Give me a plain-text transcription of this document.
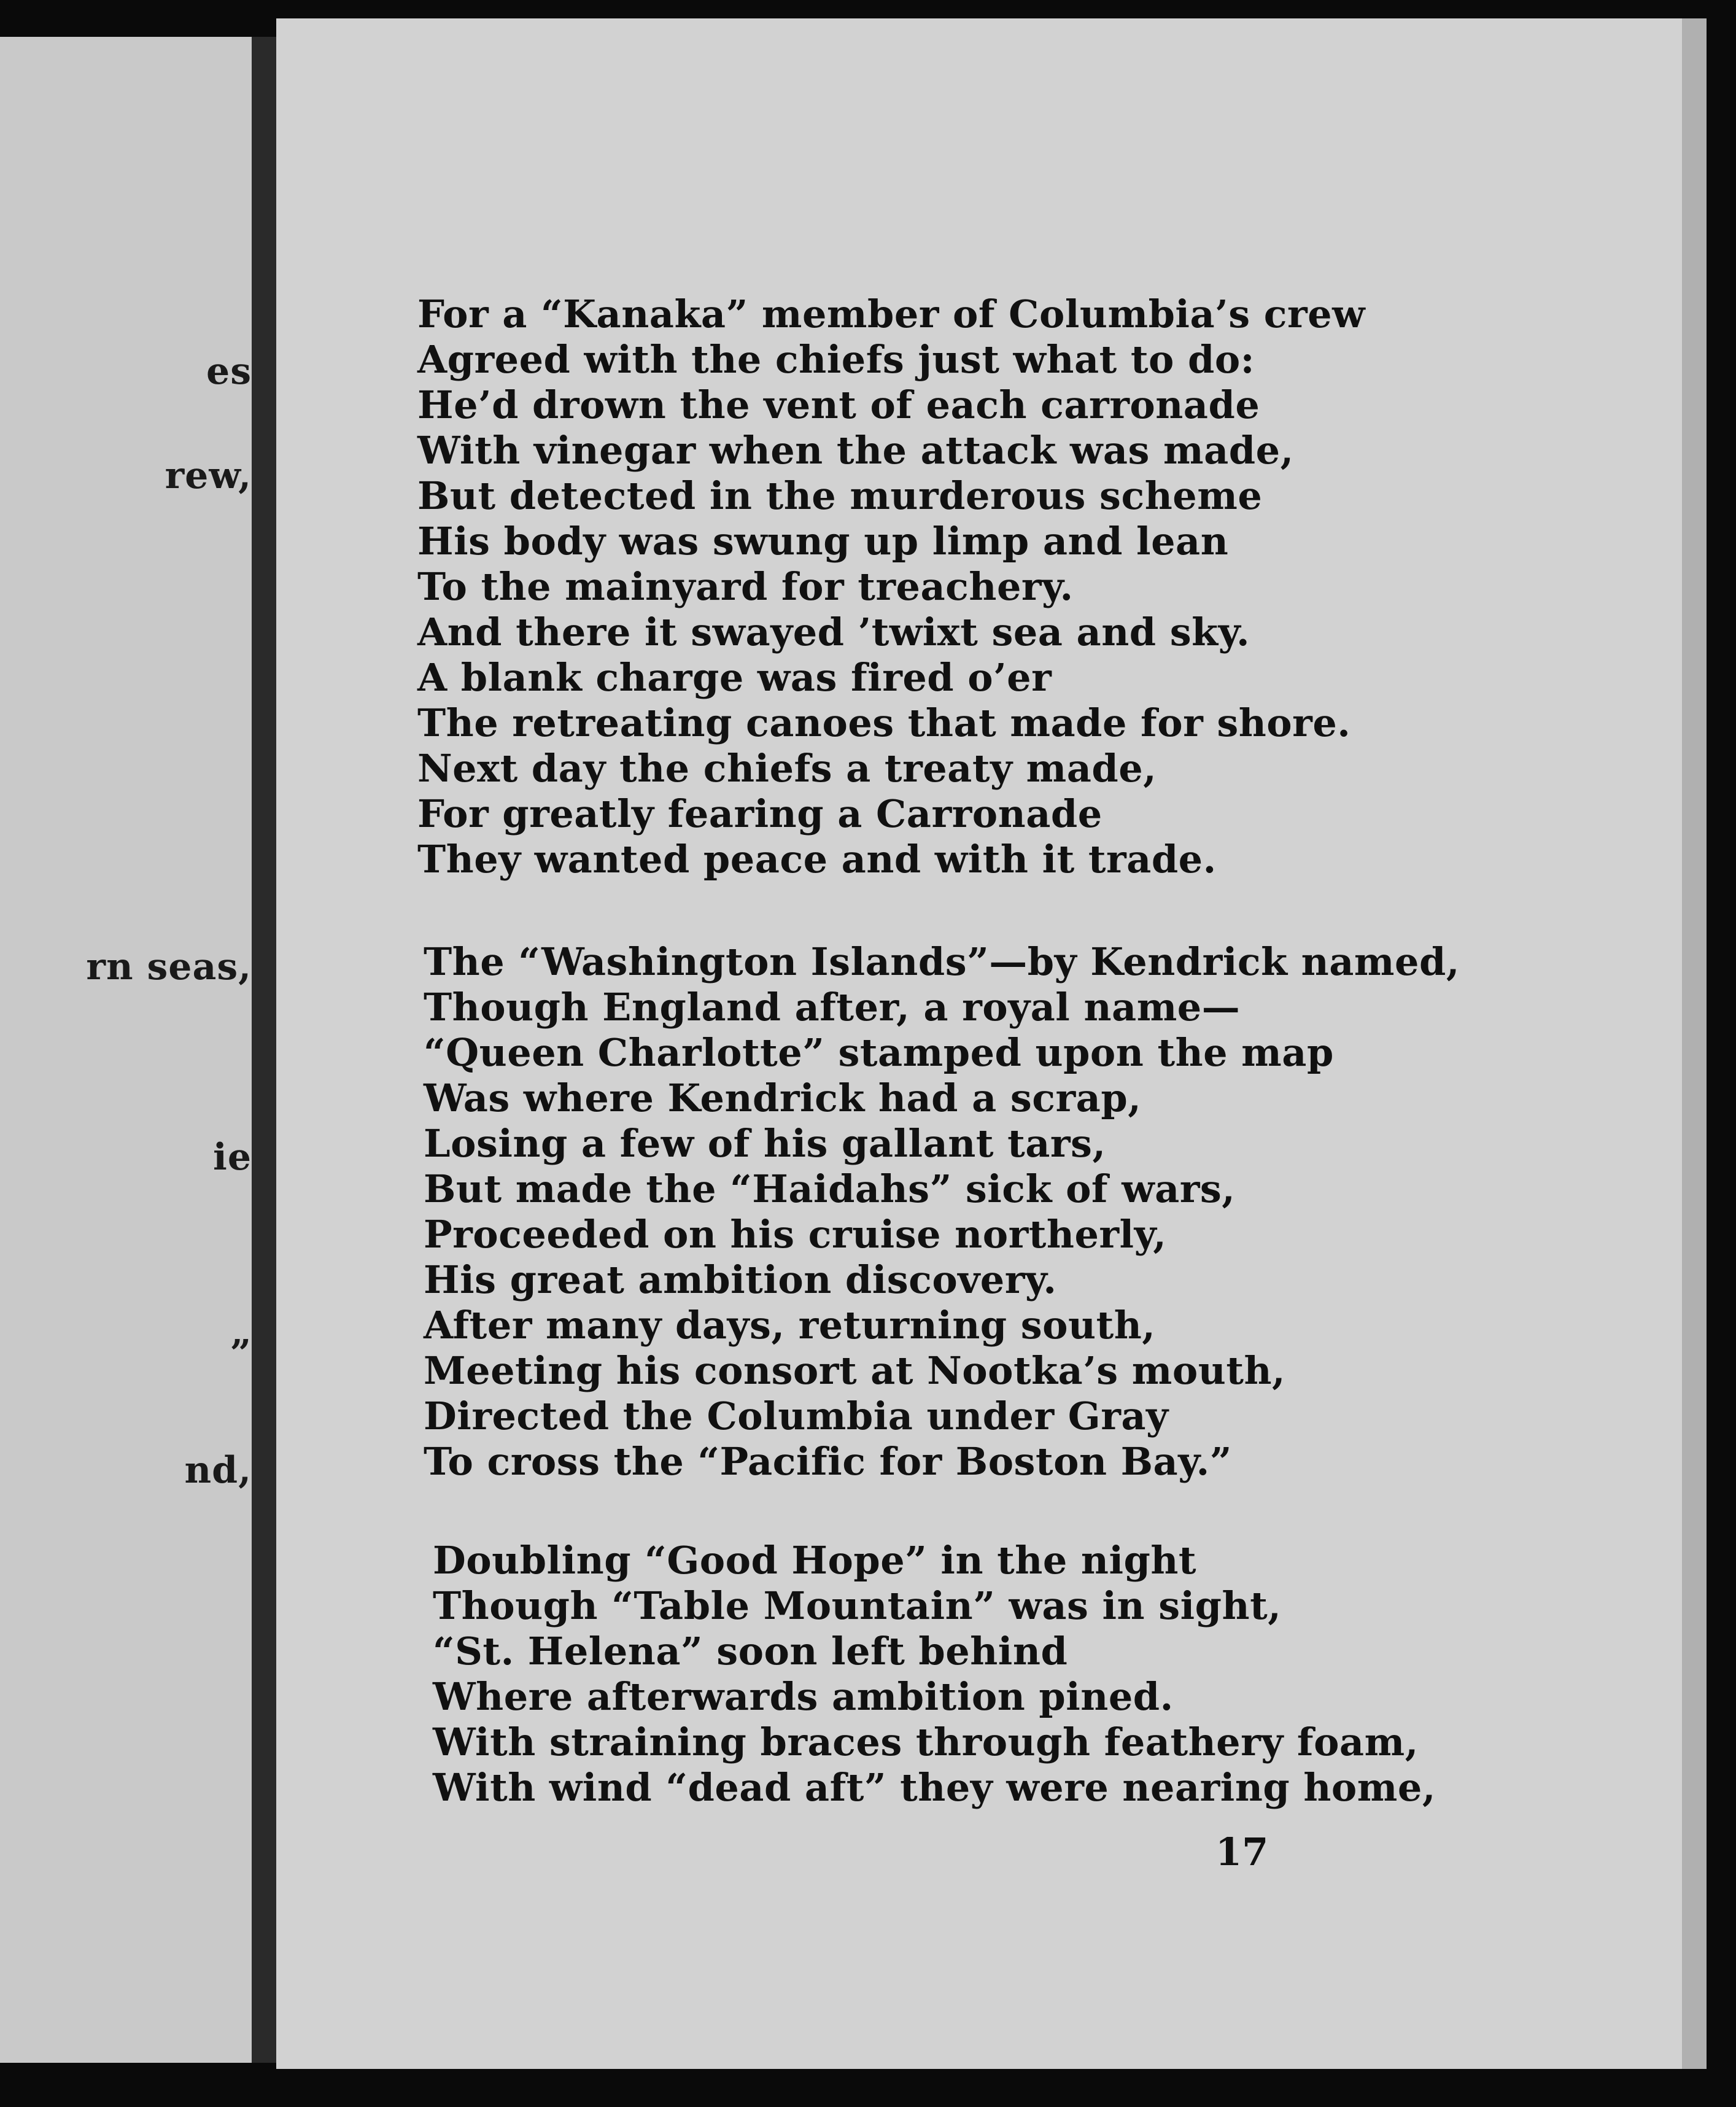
es
rew,
rn seas,
ie
”
nd,
For a “Kanaka” member of Columbia’s crew
Agreed with the chiefs just what to do:
He’d drown the vent of each carronade
With vinegar when the attack was made,
But detected in the murderous scheme
His body was swung up limp and lean
To the mainyard for treachery.
And there it swayed ’twixt sea and sky.
A blank charge was fired o’er
The retreating canoes that made for shore.
Next day the chiefs a treaty made,
For greatly fearing a Carronade
They wanted peace and with it trade.
The “Washington Islands”—by Kendrick named,
Though England after, a royal name—
“Queen Charlotte” stamped upon the map
Was where Kendrick had a scrap,
Losing a few of his gallant tars,
But made the “Haidahs” sick of wars,
Proceeded on his cruise northerly,
His great ambition discovery.
After many days, returning south,
Meeting his consort at Nootka’s mouth,
Directed the Columbia under Gray
To cross the “Pacific for Boston Bay.”
Doubling “Good Hope” in the night
Though “Table Mountain” was in sight,
“St. Helena” soon left behind
Where afterwards ambition pined.
With straining braces through feathery foam,
With wind “dead aft” they were nearing home,
17
